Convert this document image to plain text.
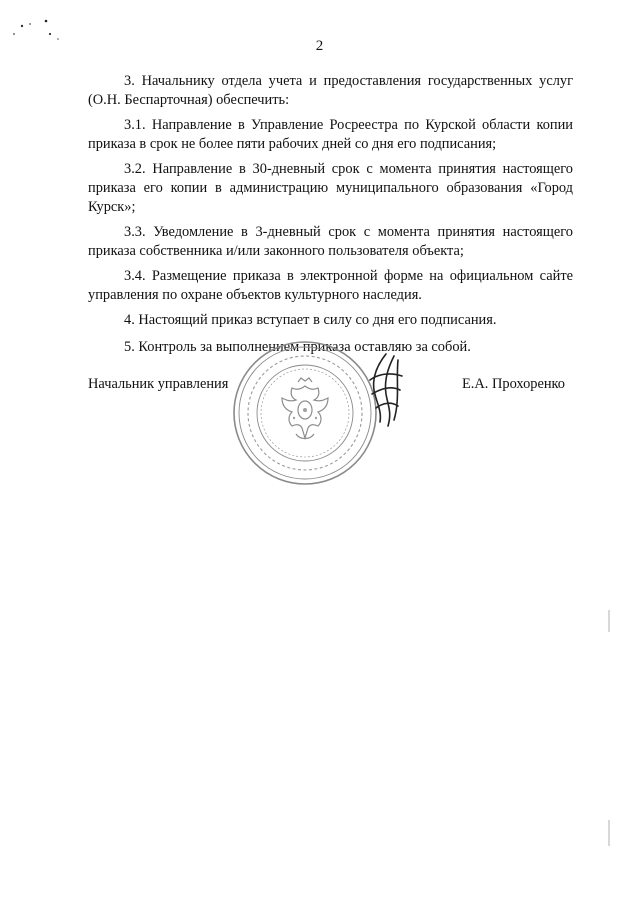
2

3. Начальнику отдела учета и предоставления государственных услуг (О.Н. Беспарточная) обеспечить:

3.1. Направление в Управление Росреестра по Курской области копии приказа в срок не более пяти рабочих дней со дня его подписания;

3.2. Направление в 30-дневный срок с момента принятия настоящего приказа его копии в администрацию муниципального образования «Город Курск»;

3.3. Уведомление в 3-дневный срок с момента принятия настоящего приказа собственника и/или законного пользователя объекта;

3.4. Размещение приказа в электронной форме на официальном сайте управления по охране объектов культурного наследия.

4. Настоящий приказ вступает в силу со дня его подписания.

5. Контроль за выполнением приказа оставляю за собой.

Начальник управления	Е.А. Прохоренко
